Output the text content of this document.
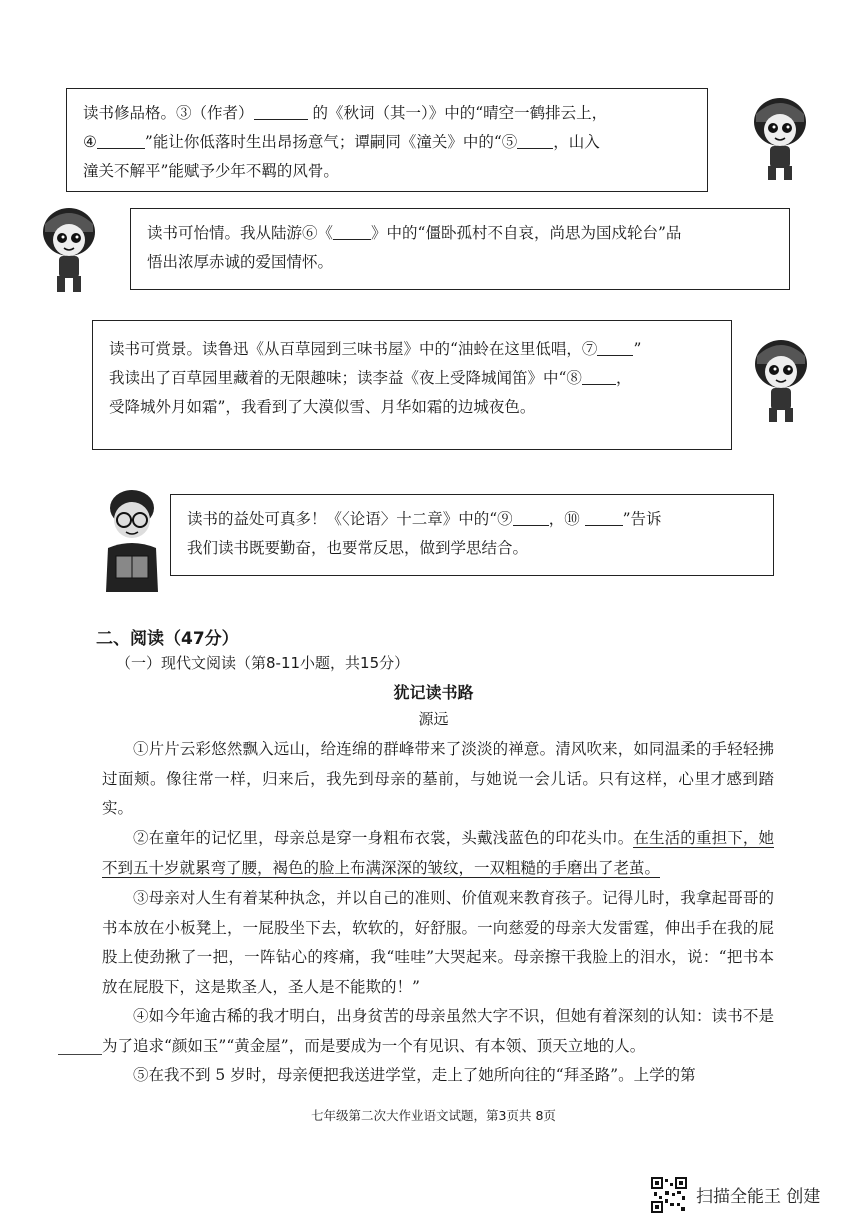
读书修品格。③（作者）	的《秋词（其一）》中的“晴空一鹤排云上，
④	”能让你低落时生出昂扬意气；谭嗣同《潼关》中的“⑤ ，山入
潼关不解平”能赋予少年不羁的风骨。
读书可怡情。我从陆游⑥《 》中的“僵卧孤村不自哀，尚思为国戍轮台”品
悟出浓厚赤诚的爱国情怀。
读书可赏景。读鲁迅《从百草园到三味书屋》中的“油蛉在这里低唱，⑦ ”
我读出了百草园里藏着的无限趣味；读李益《夜上受降城闻笛》中“⑧ ，
受降城外月如霜”，我看到了大漠似雪、月华如霜的边城夜色。
读书的益处可真多！《〈论语〉十二章》中的“⑨ ，⑩ ”告诉
我们读书既要勤奋，也要常反思，做到学思结合。
二、阅读（47分）
（一）现代文阅读（第8-11小题，共15分）
犹记读书路
源远
①片片云彩悠然飘入远山，给连绵的群峰带来了淡淡的禅意。清风吹来，如同温柔的手轻轻拂过面颊。像往常一样，归来后，我先到母亲的墓前，与她说一会儿话。只有这样，心里才感到踏实。
②在童年的记忆里，母亲总是穿一身粗布衣裳，头戴浅蓝色的印花头巾。在生活的重担下，她不到五十岁就累弯了腰，褐色的脸上布满深深的皱纹，一双粗糙的手磨出了老茧。
③母亲对人生有着某种执念，并以自己的准则、价值观来教育孩子。记得儿时，我拿起哥哥的书本放在小板凳上，一屁股坐下去，软软的，好舒服。一向慈爱的母亲大发雷霆，伸出手在我的屁股上使劲揪了一把，一阵钻心的疼痛，我“哇哇”大哭起来。母亲擦干我脸上的泪水，说：“把书本放在屁股下，这是欺圣人，圣人是不能欺的！”
④如今年逾古稀的我才明白，出身贫苦的母亲虽然大字不识，但她有着深刻的认知：读书不是为了追求“颜如玉”“黄金屋”，而是要成为一个有见识、有本领、顶天立地的人。
⑤在我不到 5 岁时，母亲便把我送进学堂，走上了她所向往的“拜圣路”。上学的第
七年级第二次大作业语文试题，第3页共 8页
扫描全能王 创建
